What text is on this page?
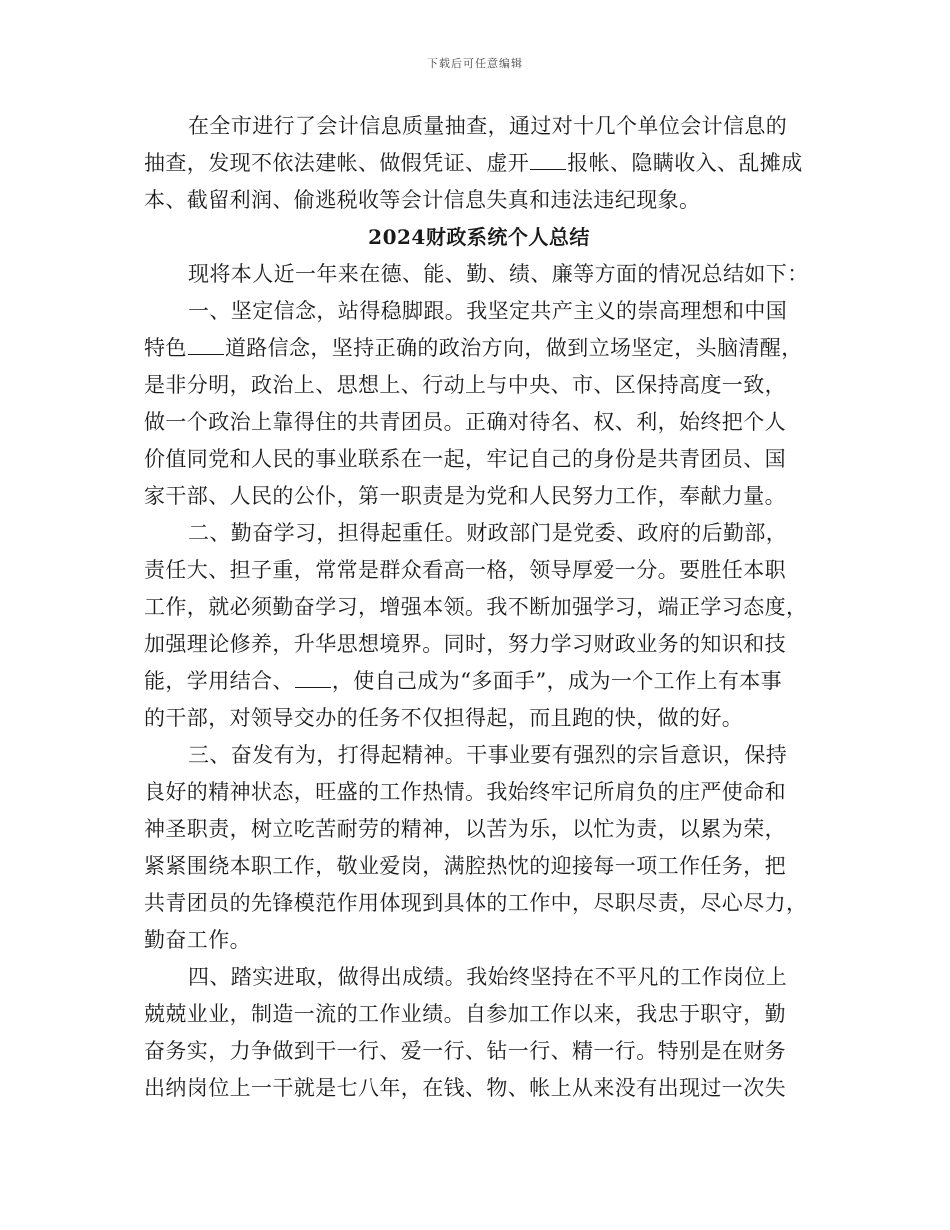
下载后可任意编辑
在全市进行了会计信息质量抽查，通过对十几个单位会计信息的
抽查，发现不依法建帐、做假凭证、虚开 报帐、隐瞒收入、乱摊成
本、截留利润、偷逃税收等会计信息失真和违法违纪现象。
2024财政系统个人总结
现将本人近一年来在德、能、勤、绩、廉等方面的情况总结如下：
一、坚定信念，站得稳脚跟。我坚定共产主义的崇高理想和中国
特色 道路信念，坚持正确的政治方向，做到立场坚定，头脑清醒，
是非分明，政治上、思想上、行动上与中央、市、区保持高度一致，
做一个政治上靠得住的共青团员。正确对待名、权、利，始终把个人
价值同党和人民的事业联系在一起，牢记自己的身份是共青团员、国
家干部、人民的公仆，第一职责是为党和人民努力工作，奉献力量。
二、勤奋学习，担得起重任。财政部门是党委、政府的后勤部，
责任大、担子重，常常是群众看高一格，领导厚爱一分。要胜任本职
工作，就必须勤奋学习，增强本领。我不断加强学习，端正学习态度，
加强理论修养，升华思想境界。同时，努力学习财政业务的知识和技
能，学用结合、 ，使自己成为“多面手”，成为一个工作上有本事
的干部，对领导交办的任务不仅担得起，而且跑的快，做的好。
三、奋发有为，打得起精神。干事业要有强烈的宗旨意识，保持
良好的精神状态，旺盛的工作热情。我始终牢记所肩负的庄严使命和
神圣职责，树立吃苦耐劳的精神，以苦为乐，以忙为责，以累为荣，
紧紧围绕本职工作，敬业爱岗，满腔热忱的迎接每一项工作任务，把
共青团员的先锋模范作用体现到具体的工作中，尽职尽责，尽心尽力，
勤奋工作。
四、踏实进取，做得出成绩。我始终坚持在不平凡的工作岗位上
兢兢业业，制造一流的工作业绩。自参加工作以来，我忠于职守，勤
奋务实，力争做到干一行、爱一行、钻一行、精一行。特别是在财务
出纳岗位上一干就是七八年，在钱、物、帐上从来没有出现过一次失
